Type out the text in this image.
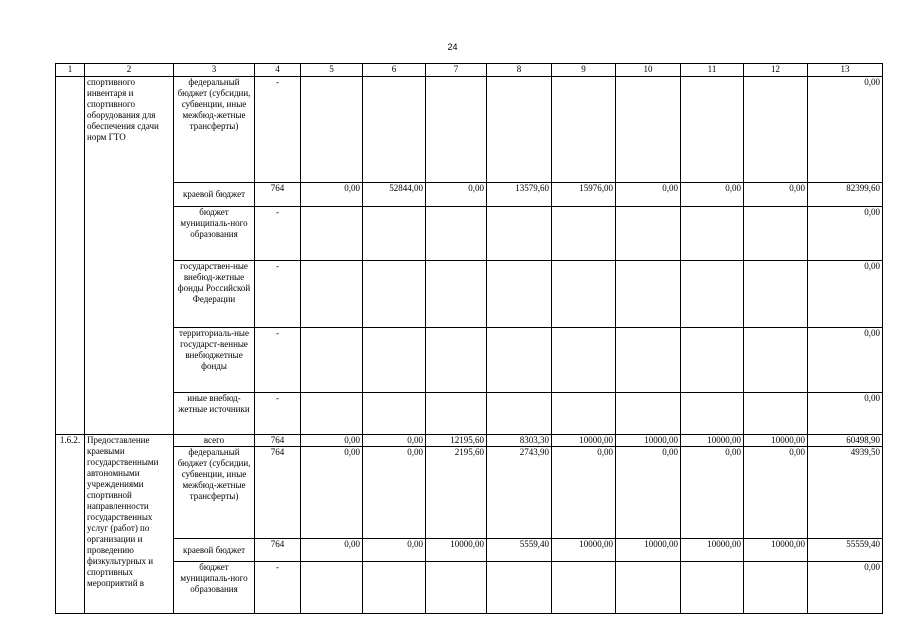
24
1	2	3	4	5	6	7	8	9	10	11	12	13
	спортивного инвентаря и спортивного оборудования для обеспечения сдачи норм ГТО	федеральный бюджет (субсидии, субвенции, иные межбюд-жетные трансферты)	-									0,00
		краевой бюджет	764	0,00	52844,00	0,00	13579,60	15976,00	0,00	0,00	0,00	82399,60
		бюджет муниципаль-ного образования	-									0,00
		государствен-ные внебюд-жетные фонды Российской Федерации	-									0,00
		территориаль-ные государст-венные внебюджетные фонды	-									0,00
		иные внебюд-жетные источники	-									0,00
1.6.2.	Предоставление краевыми государственными автономными учреждениями спортивной направленности государственных услуг (работ) по организации и проведению физкультурных и спортивных мероприятий в	всего	764	0,00	0,00	12195,60	8303,30	10000,00	10000,00	10000,00	10000,00	60498,90
		федеральный бюджет (субсидии, субвенции, иные межбюд-жетные трансферты)	764	0,00	0,00	2195,60	2743,90	0,00	0,00	0,00	0,00	4939,50
		краевой бюджет	764	0,00	0,00	10000,00	5559,40	10000,00	10000,00	10000,00	10000,00	55559,40
		бюджет муниципаль-ного образования	-									0,00
